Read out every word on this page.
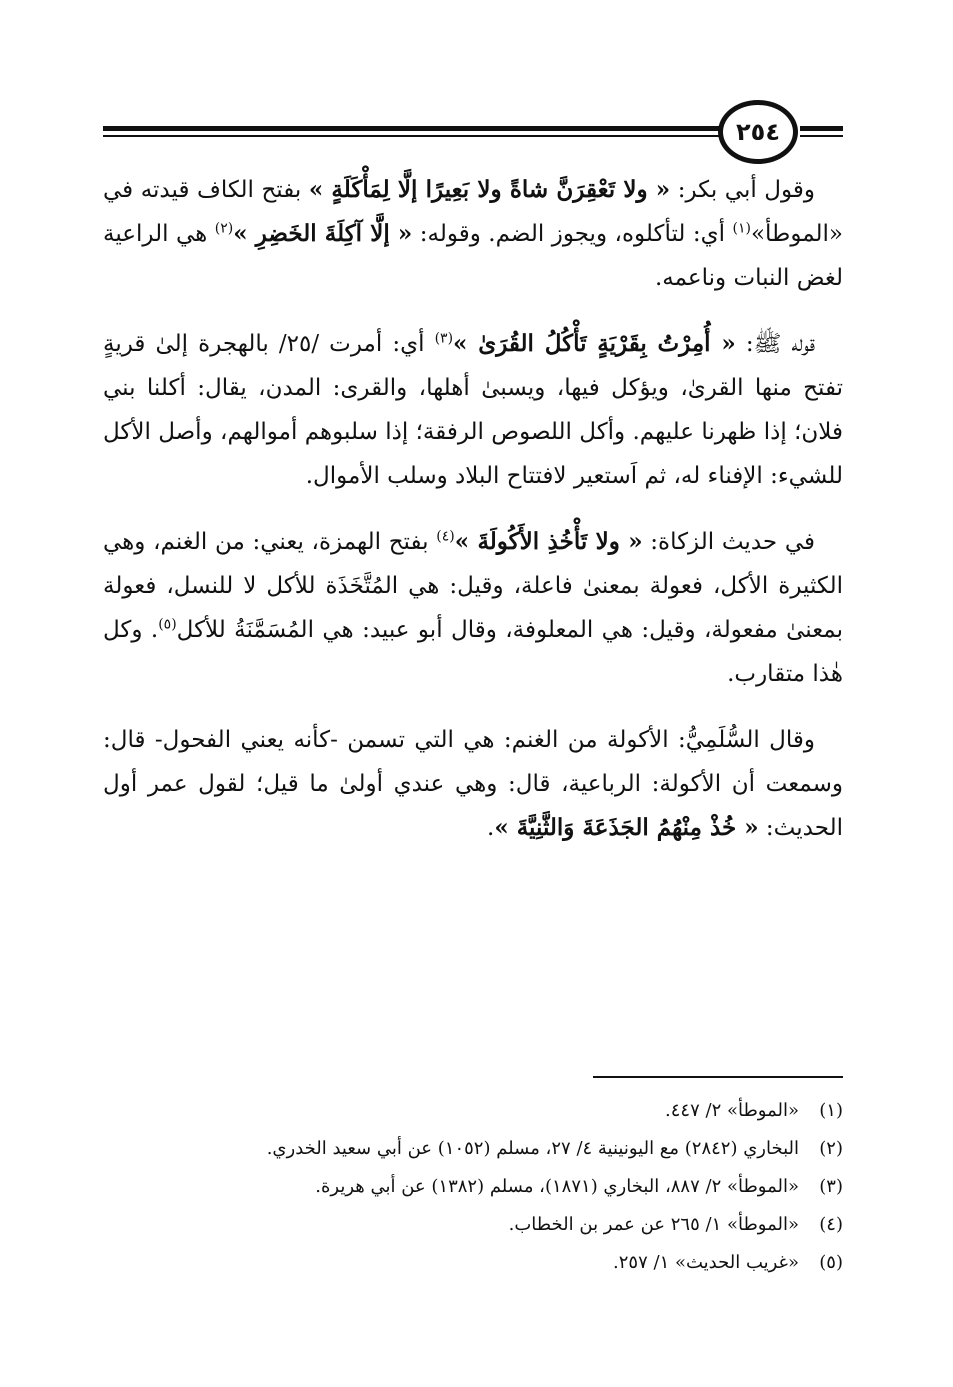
٢٥٤

وقول أبي بكر: « ولا تَعْقِرَنَّ شاةً ولا بَعِيرًا إلَّا لِمَأْكَلَةٍ » بفتح الكاف قيدته في «الموطأ»$^{(١)}$ أي: لتأكلوه، ويجوز الضم. وقوله: « إلَّا آكِلَةَ الخَضِرِ »$^{(٢)}$ هي الراعية لغض النبات وناعمه.

قوله ﷺ: « أُمِرْتُ بِقَرْيَةٍ تَأْكُلُ القُرَىٰ »$^{(٣)}$ أي: أمرت /٢٥/ بالهجرة إلىٰ قريةٍ تفتح منها القرىٰ، ويؤكل فيها، ويسبىٰ أهلها، والقرى: المدن، يقال: أكلنا بني فلان؛ إذا ظهرنا عليهم. وأكل اللصوص الرفقة؛ إذا سلبوهم أموالهم، وأصل الأكل للشيء: الإفناء له، ثم اَستعير لافتتاح البلاد وسلب الأموال.

في حديث الزكاة: « ولا تَأْخُذِ الأَكُولَةَ »$^{(٤)}$ بفتح الهمزة، يعني: من الغنم، وهي الكثيرة الأكل، فعولة بمعنىٰ فاعلة، وقيل: هي المُتَّخَذَة للأكل لا للنسل، فعولة بمعنىٰ مفعولة، وقيل: هي المعلوفة، وقال أبو عبيد: هي المُسَمَّنَةُ للأكل$^{(٥)}$. وكل هٰذا متقارب.

وقال السُّلَمِيُّ: الأكولة من الغنم: هي التي تسمن -كأنه يعني الفحول- قال: وسمعت أن الأكولة: الرباعية، قال: وهي عندي أولىٰ ما قيل؛ لقول عمر أول الحديث: « خُذْ مِنْهُمُ الجَذَعَةَ وَالثَّنِيَّةَ ».

(١)
«الموطأ» ٢/ ٤٤٧.
(٢)
البخاري (٢٨٤٢) مع اليونينية ٤/ ٢٧، مسلم (١٠٥٢) عن أبي سعيد الخدري.
(٣)
«الموطأ» ٢/ ٨٨٧، البخاري (١٨٧١)، مسلم (١٣٨٢) عن أبي هريرة.
(٤)
«الموطأ» ١/ ٢٦٥ عن عمر بن الخطاب.
(٥)
«غريب الحديث» ١/ ٢٥٧.
